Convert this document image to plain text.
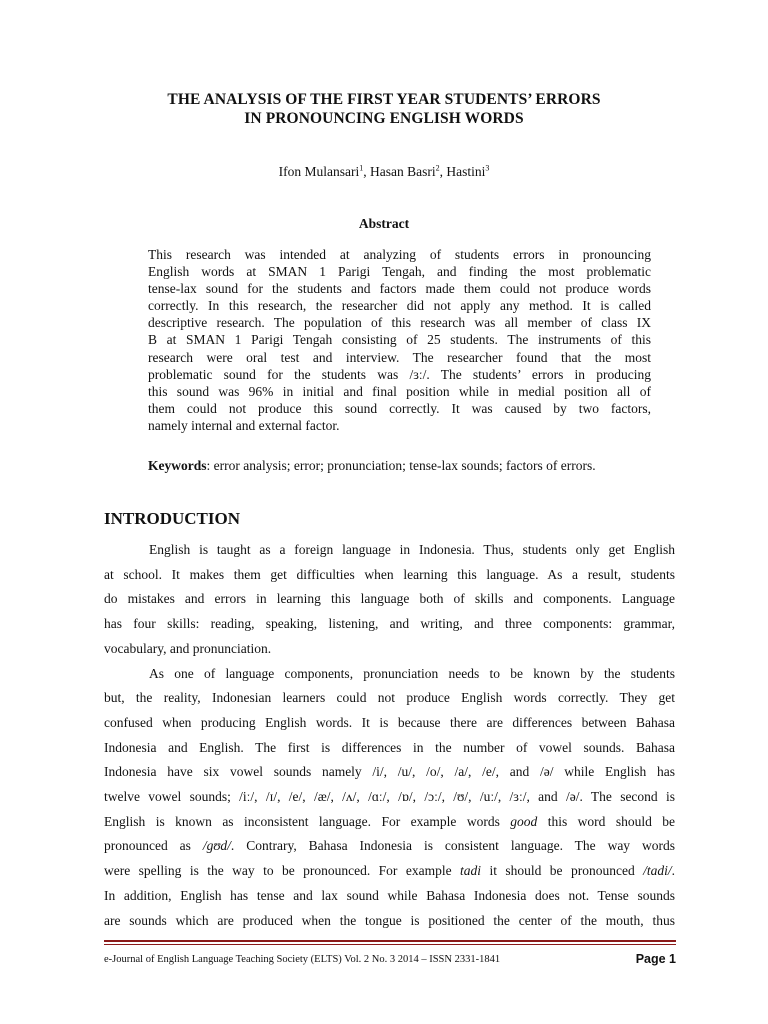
THE ANALYSIS OF THE FIRST YEAR STUDENTS’ ERRORS
IN PRONOUNCING ENGLISH WORDS
Ifon Mulansari$^1$, Hasan Basri$^2$, Hastini$^3$
Abstract
This research was intended at analyzing of students errors in pronouncing
English words at SMAN 1 Parigi Tengah, and finding the most problematic
tense-lax sound for the students and factors made them could not produce words
correctly. In this research, the researcher did not apply any method. It is called
descriptive research. The population of this research was all member of class IX
B at SMAN 1 Parigi Tengah consisting of 25 students. The instruments of this
research were oral test and interview. The researcher found that the most
problematic sound for the students was /ɜː/. The students’ errors in producing
this sound was 96% in initial and final position while in medial position all of
them could not produce this sound correctly. It was caused by two factors,
namely internal and external factor.
Keywords: error analysis; error; pronunciation; tense-lax sounds; factors of errors.
INTRODUCTION
English is taught as a foreign language in Indonesia. Thus, students only get English
at school. It makes them get difficulties when learning this language. As a result, students
do mistakes and errors in learning this language both of skills and components. Language
has four skills: reading, speaking, listening, and writing, and three components: grammar,
vocabulary, and pronunciation.
As one of language components, pronunciation needs to be known by the students
but, the reality, Indonesian learners could not produce English words correctly. They get
confused when producing English words. It is because there are differences between Bahasa
Indonesia and English. The first is differences in the number of vowel sounds. Bahasa
Indonesia have six vowel sounds namely /i/, /u/, /o/, /a/, /e/, and /ə/ while English has
twelve vowel sounds; /iː/, /ɪ/, /e/, /æ/, /ʌ/, /ɑː/, /ɒ/, /ɔː/, /ʊ/, /uː/, /ɜː/, and /ə/. The second is
English is known as inconsistent language. For example words good this word should be
pronounced as /gʊd/. Contrary, Bahasa Indonesia is consistent language. The way words
were spelling is the way to be pronounced. For example tadi it should be pronounced /tadi/.
In addition, English has tense and lax sound while Bahasa Indonesia does not. Tense sounds
are sounds which are produced when the tongue is positioned the center of the mouth, thus
e-Journal of English Language Teaching Society (ELTS) Vol. 2 No. 3 2014 – ISSN 2331-1841	Page 1
